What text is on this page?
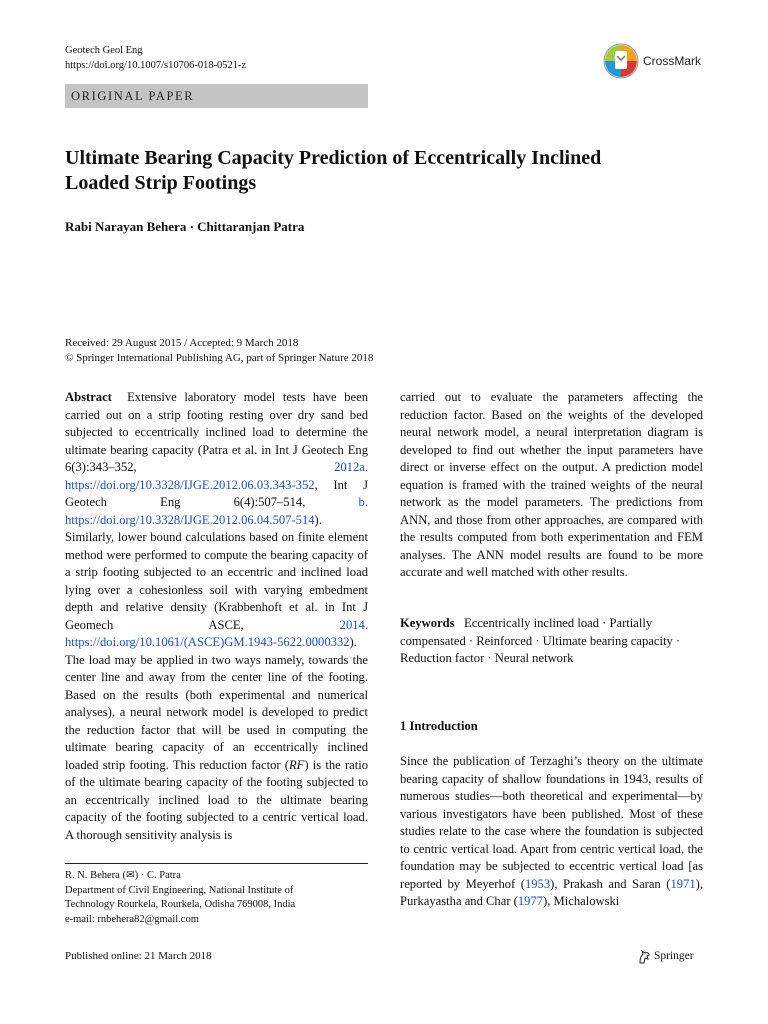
Geotech Geol Eng
https://doi.org/10.1007/s10706-018-0521-z	CrossMark
ORIGINAL PAPER
Ultimate Bearing Capacity Prediction of Eccentrically Inclined Loaded Strip Footings
Rabi Narayan Behera · Chittaranjan Patra
Received: 29 August 2015 / Accepted: 9 March 2018
© Springer International Publishing AG, part of Springer Nature 2018
Abstract Extensive laboratory model tests have been carried out on a strip footing resting over dry sand bed subjected to eccentrically inclined load to determine the ultimate bearing capacity (Patra et al. in Int J Geotech Eng 6(3):343–352, 2012a. https://doi.org/10.3328/IJGE.2012.06.03.343-352, Int J Geotech Eng 6(4):507–514, b. https://doi.org/10.3328/IJGE.2012.06.04.507-514). Similarly, lower bound calculations based on finite element method were performed to compute the bearing capacity of a strip footing subjected to an eccentric and inclined load lying over a cohesionless soil with varying embedment depth and relative density (Krabbenhoft et al. in Int J Geomech ASCE, 2014. https://doi.org/10.1061/(ASCE)GM.1943-5622.0000332). The load may be applied in two ways namely, towards the center line and away from the center line of the footing. Based on the results (both experimental and numerical analyses), a neural network model is developed to predict the reduction factor that will be used in computing the ultimate bearing capacity of an eccentrically inclined loaded strip footing. This reduction factor (RF) is the ratio of the ultimate bearing capacity of the footing subjected to an eccentrically inclined load to the ultimate bearing capacity of the footing subjected to a centric vertical load. A thorough sensitivity analysis is
carried out to evaluate the parameters affecting the reduction factor. Based on the weights of the developed neural network model, a neural interpretation diagram is developed to find out whether the input parameters have direct or inverse effect on the output. A prediction model equation is framed with the trained weights of the neural network as the model parameters. The predictions from ANN, and those from other approaches, are compared with the results computed from both experimentation and FEM analyses. The ANN model results are found to be more accurate and well matched with other results.
Keywords Eccentrically inclined load · Partially compensated · Reinforced · Ultimate bearing capacity · Reduction factor · Neural network
1 Introduction
Since the publication of Terzaghi’s theory on the ultimate bearing capacity of shallow foundations in 1943, results of numerous studies—both theoretical and experimental—by various investigators have been published. Most of these studies relate to the case where the foundation is subjected to centric vertical load. Apart from centric vertical load, the foundation may be subjected to eccentric vertical load [as reported by Meyerhof (1953), Prakash and Saran (1971), Purkayastha and Char (1977), Michalowski
R. N. Behera (✉) · C. Patra
Department of Civil Engineering, National Institute of
Technology Rourkela, Rourkela, Odisha 769008, India
e-mail: rnbehera82@gmail.com
Published online: 21 March 2018	Springer
